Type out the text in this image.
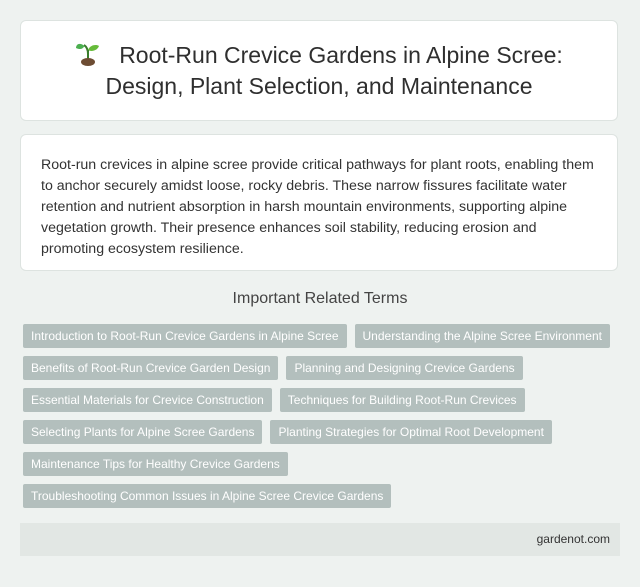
Root-Run Crevice Gardens in Alpine Scree: Design, Plant Selection, and Maintenance
Root-run crevices in alpine scree provide critical pathways for plant roots, enabling them to anchor securely amidst loose, rocky debris. These narrow fissures facilitate water retention and nutrient absorption in harsh mountain environments, supporting alpine vegetation growth. Their presence enhances soil stability, reducing erosion and promoting ecosystem resilience.
Important Related Terms
Introduction to Root-Run Crevice Gardens in Alpine Scree	Understanding the Alpine Scree Environment
Benefits of Root-Run Crevice Garden Design	Planning and Designing Crevice Gardens
Essential Materials for Crevice Construction	Techniques for Building Root-Run Crevices
Selecting Plants for Alpine Scree Gardens	Planting Strategies for Optimal Root Development
Maintenance Tips for Healthy Crevice Gardens
Troubleshooting Common Issues in Alpine Scree Crevice Gardens
gardenot.com
